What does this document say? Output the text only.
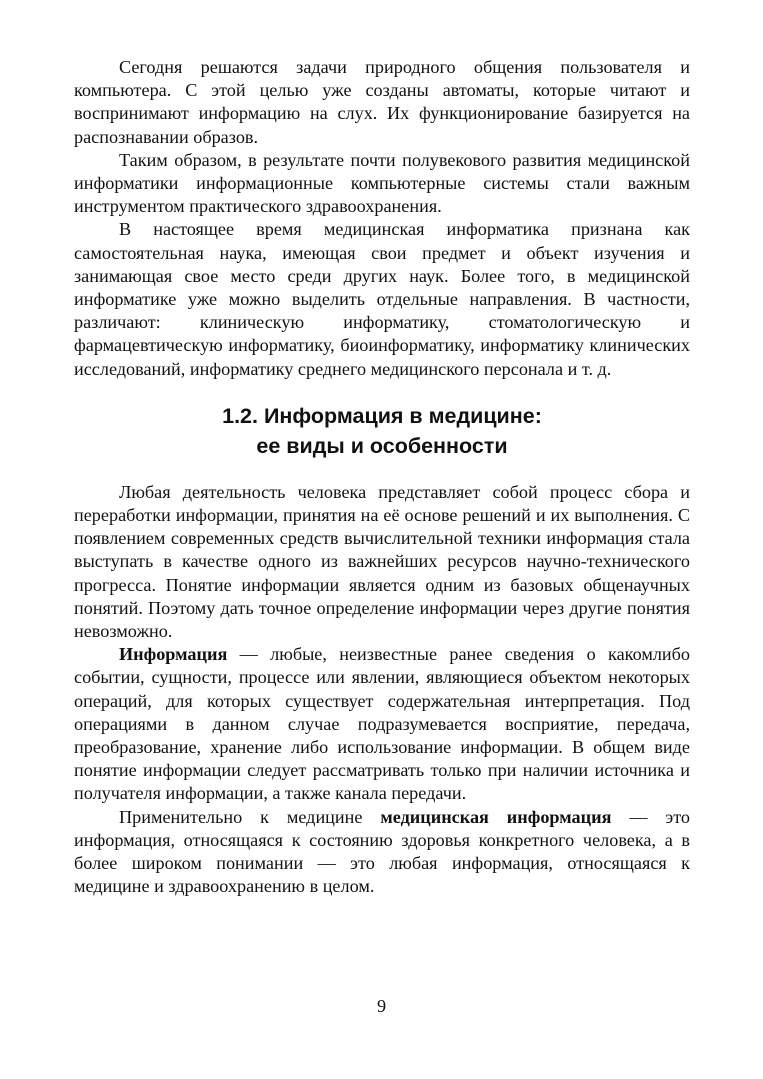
Сегодня решаются задачи природного общения пользователя и компьютера. С этой целью уже созданы автоматы, которые читают и воспринимают информацию на слух. Их функционирование базируется на распознавании образов.

Таким образом, в результате почти полувекового развития медицинской информатики информационные компьютерные системы стали важным инструментом практического здравоохранения.

В настоящее время медицинская информатика признана как самостоятельная наука, имеющая свои предмет и объект изучения и занимающая свое место среди других наук. Более того, в медицинской информатике уже можно выделить отдельные направления. В частности, различают: клиническую информатику, стоматологическую и фармацевтическую информатику, биоинформатику, информатику клинических исследований, информатику среднего медицинского персонала и т. д.

1.2. Информация в медицине:
ее виды и особенности

Любая деятельность человека представляет собой процесс сбора и переработки информации, принятия на её основе решений и их выполнения. С появлением современных средств вычислительной техники информация стала выступать в качестве одного из важнейших ресурсов научно-технического прогресса. Понятие информации является одним из базовых общенаучных понятий. Поэтому дать точное определение информации через другие понятия невозможно.

Информация — любые, неизвестные ранее сведения о какомлибо событии, сущности, процессе или явлении, являющиеся объектом некоторых операций, для которых существует содержательная интерпретация. Под операциями в данном случае подразумевается восприятие, передача, преобразование, хранение либо использование информации. В общем виде понятие информации следует рассматривать только при наличии источника и получателя информации, а также канала передачи.

Применительно к медицине медицинская информация — это информация, относящаяся к состоянию здоровья конкретного человека, а в более широком понимании — это любая информация, относящаяся к медицине и здравоохранению в целом.

9
